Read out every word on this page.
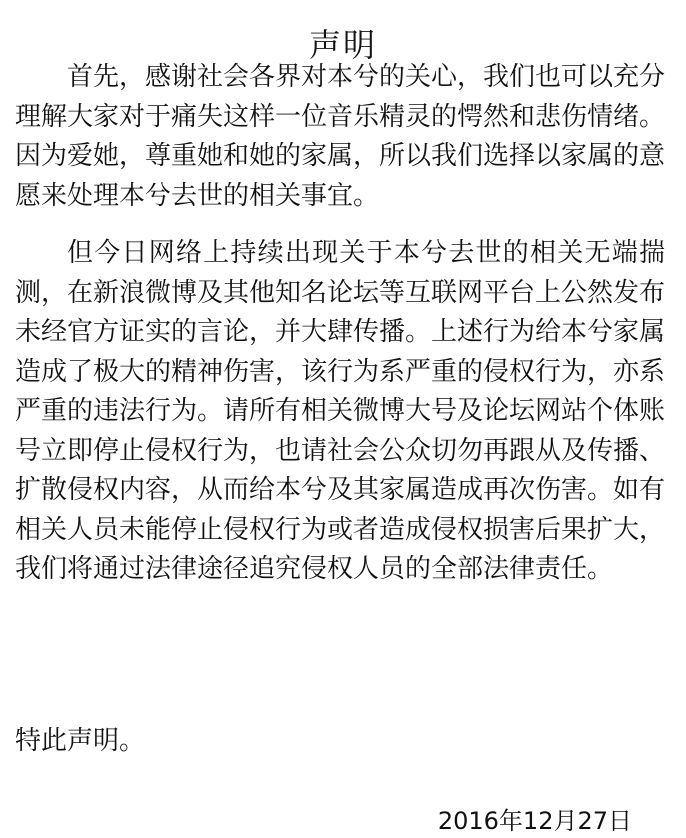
声明

首先，感谢社会各界对本兮的关心，我们也可以充分理解大家对于痛失这样一位音乐精灵的愕然和悲伤情绪。因为爱她，尊重她和她的家属，所以我们选择以家属的意愿来处理本兮去世的相关事宜。

但今日网络上持续出现关于本兮去世的相关无端揣测，在新浪微博及其他知名论坛等互联网平台上公然发布未经官方证实的言论，并大肆传播。上述行为给本兮家属造成了极大的精神伤害，该行为系严重的侵权行为，亦系严重的违法行为。请所有相关微博大号及论坛网站个体账号立即停止侵权行为，也请社会公众切勿再跟从及传播、扩散侵权内容，从而给本兮及其家属造成再次伤害。如有相关人员未能停止侵权行为或者造成侵权损害后果扩大，我们将通过法律途径追究侵权人员的全部法律责任。

特此声明。

2016年12月27日
